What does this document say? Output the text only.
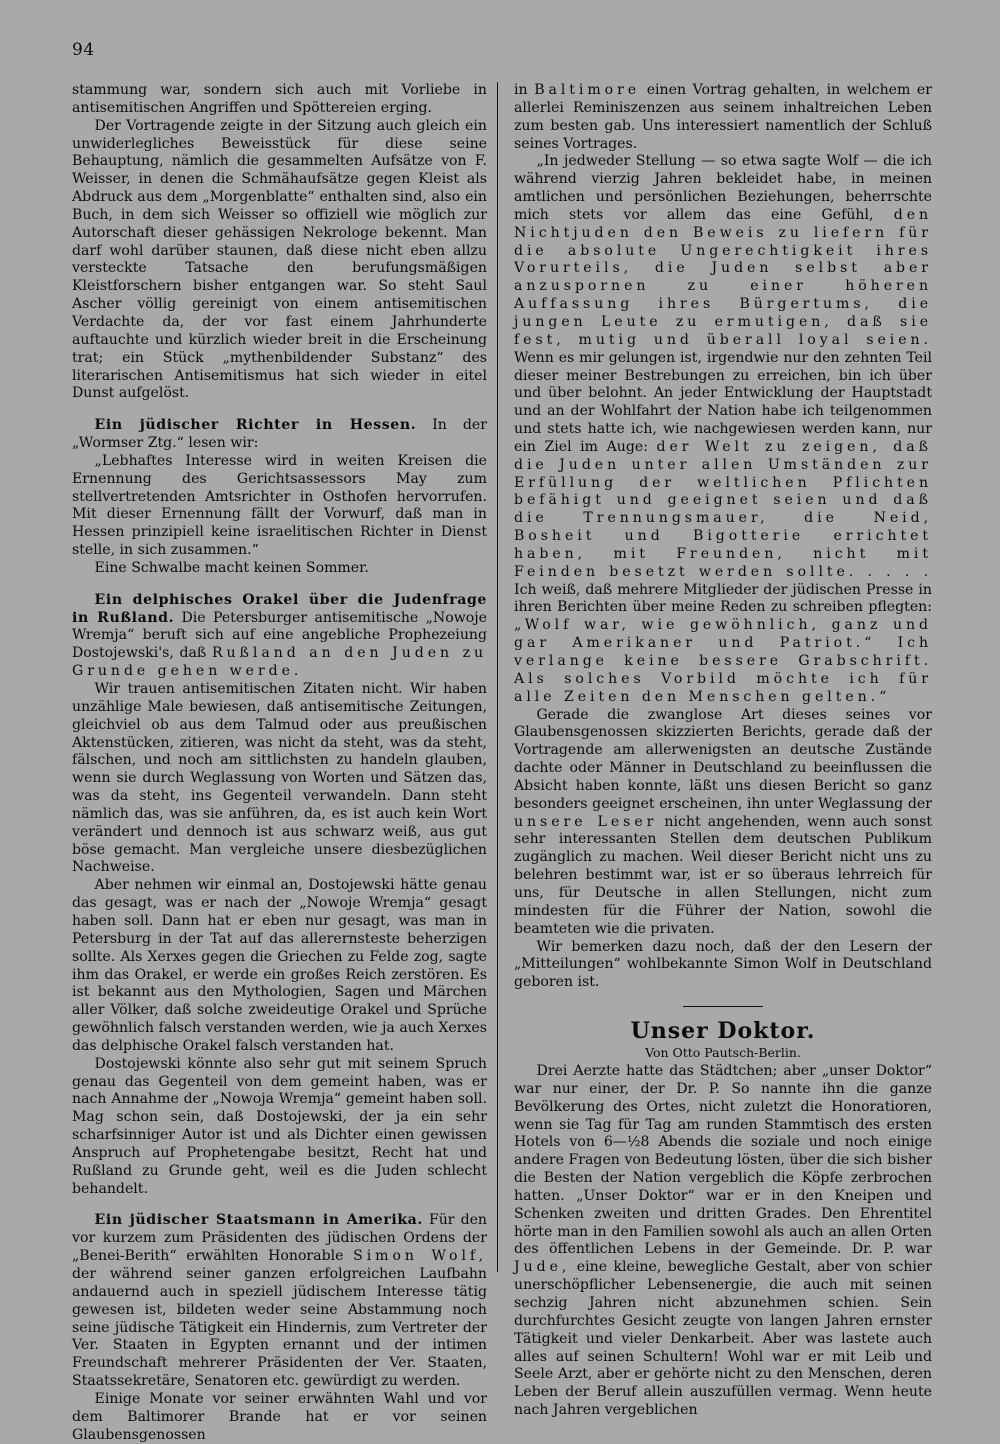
94

stammung war, sondern sich auch mit Vorliebe in antisemitischen Angriffen und Spöttereien erging.

Der Vortragende zeigte in der Sitzung auch gleich ein unwiderlegliches Beweisstück für diese seine Behauptung, nämlich die gesammelten Aufsätze von F. Weisser, in denen die Schmähaufsätze gegen Kleist als Abdruck aus dem „Morgenblatte“ enthalten sind, also ein Buch, in dem sich Weisser so offiziell wie möglich zur Autorschaft dieser gehässigen Nekrologe bekennt. Man darf wohl darüber staunen, daß diese nicht eben allzu versteckte Tatsache den berufungsmäßigen Kleistforschern bisher entgangen war. So steht Saul Ascher völlig gereinigt von einem antisemitischen Verdachte da, der vor fast einem Jahrhunderte auftauchte und kürzlich wieder breit in die Erscheinung trat; ein Stück „mythenbildender Substanz“ des literarischen Antisemitismus hat sich wieder in eitel Dunst aufgelöst.

Ein jüdischer Richter in Hessen. In der „Wormser Ztg.“ lesen wir:

„Lebhaftes Interesse wird in weiten Kreisen die Ernennung des Gerichtsassessors May zum stellvertretenden Amtsrichter in Osthofen hervorrufen. Mit dieser Ernennung fällt der Vorwurf, daß man in Hessen prinzipiell keine israelitischen Richter in Dienst stelle, in sich zusammen.“

Eine Schwalbe macht keinen Sommer.

Ein delphisches Orakel über die Judenfrage in Rußland. Die Petersburger antisemitische „Nowoje Wremja“ beruft sich auf eine angebliche Prophezeiung Dostojewski's, daß Rußland an den Juden zu Grunde gehen werde.

Wir trauen antisemitischen Zitaten nicht. Wir haben unzählige Male bewiesen, daß antisemitische Zeitungen, gleichviel ob aus dem Talmud oder aus preußischen Aktenstücken, zitieren, was nicht da steht, was da steht, fälschen, und noch am sittlichsten zu handeln glauben, wenn sie durch Weglassung von Worten und Sätzen das, was da steht, ins Gegenteil verwandeln. Dann steht nämlich das, was sie anführen, da, es ist auch kein Wort verändert und dennoch ist aus schwarz weiß, aus gut böse gemacht. Man vergleiche unsere diesbezüglichen Nachweise.

Aber nehmen wir einmal an, Dostojewski hätte genau das gesagt, was er nach der „Nowoje Wremja“ gesagt haben soll. Dann hat er eben nur gesagt, was man in Petersburg in der Tat auf das allerernsteste beherzigen sollte. Als Xerxes gegen die Griechen zu Felde zog, sagte ihm das Orakel, er werde ein großes Reich zerstören. Es ist bekannt aus den Mythologien, Sagen und Märchen aller Völker, daß solche zweideutige Orakel und Sprüche gewöhnlich falsch verstanden werden, wie ja auch Xerxes das delphische Orakel falsch verstanden hat.

Dostojewski könnte also sehr gut mit seinem Spruch genau das Gegenteil von dem gemeint haben, was er nach Annahme der „Nowoja Wremja“ gemeint haben soll. Mag schon sein, daß Dostojewski, der ja ein sehr scharfsinniger Autor ist und als Dichter einen gewissen Anspruch auf Prophetengabe besitzt, Recht hat und Rußland zu Grunde geht, weil es die Juden schlecht behandelt.

Ein jüdischer Staatsmann in Amerika. Für den vor kurzem zum Präsidenten des jüdischen Ordens der „Benei-Berith“ erwählten Honorable Simon Wolf, der während seiner ganzen erfolgreichen Laufbahn andauernd auch in speziell jüdischem Interesse tätig gewesen ist, bildeten weder seine Abstammung noch seine jüdische Tätigkeit ein Hindernis, zum Vertreter der Ver. Staaten in Egypten ernannt und der intimen Freundschaft mehrerer Präsidenten der Ver. Staaten, Staatssekretäre, Senatoren etc. gewürdigt zu werden.

Einige Monate vor seiner erwähnten Wahl und vor dem Baltimorer Brande hat er vor seinen Glaubensgenossen

in Baltimore einen Vortrag gehalten, in welchem er allerlei Reminiszenzen aus seinem inhaltreichen Leben zum besten gab. Uns interessiert namentlich der Schluß seines Vortrages.

„In jedweder Stellung — so etwa sagte Wolf — die ich während vierzig Jahren bekleidet habe, in meinen amtlichen und persönlichen Beziehungen, beherrschte mich stets vor allem das eine Gefühl, den Nichtjuden den Beweis zu liefern für die absolute Ungerechtigkeit ihres Vorurteils, die Juden selbst aber anzuspornen zu einer höheren Auffassung ihres Bürgertums, die jungen Leute zu ermutigen, daß sie fest, mutig und überall loyal seien. Wenn es mir gelungen ist, irgendwie nur den zehnten Teil dieser meiner Bestrebungen zu erreichen, bin ich über und über belohnt. An jeder Entwicklung der Hauptstadt und an der Wohlfahrt der Nation habe ich teilgenommen und stets hatte ich, wie nachgewiesen werden kann, nur ein Ziel im Auge: der Welt zu zeigen, daß die Juden unter allen Umständen zur Erfüllung der weltlichen Pflichten befähigt und geeignet seien und daß die Trennungsmauer, die Neid, Bosheit und Bigotterie errichtet haben, mit Freunden, nicht mit Feinden besetzt werden sollte. . . . . Ich weiß, daß mehrere Mitglieder der jüdischen Presse in ihren Berichten über meine Reden zu schreiben pflegten: „Wolf war, wie gewöhnlich, ganz und gar Amerikaner und Patriot.“ Ich verlange keine bessere Grabschrift. Als solches Vorbild möchte ich für alle Zeiten den Menschen gelten.“

Gerade die zwanglose Art dieses seines vor Glaubensgenossen skizzierten Berichts, gerade daß der Vortragende am allerwenigsten an deutsche Zustände dachte oder Männer in Deutschland zu beeinflussen die Absicht haben konnte, läßt uns diesen Bericht so ganz besonders geeignet erscheinen, ihn unter Weglassung der unsere Leser nicht angehenden, wenn auch sonst sehr interessanten Stellen dem deutschen Publikum zugänglich zu machen. Weil dieser Bericht nicht uns zu belehren bestimmt war, ist er so überaus lehrreich für uns, für Deutsche in allen Stellungen, nicht zum mindesten für die Führer der Nation, sowohl die beamteten wie die privaten.

Wir bemerken dazu noch, daß der den Lesern der „Mitteilungen“ wohlbekannte Simon Wolf in Deutschland geboren ist.

Unser Doktor.
Von Otto Pautsch-Berlin.

Drei Aerzte hatte das Städtchen; aber „unser Doktor“ war nur einer, der Dr. P. So nannte ihn die ganze Bevölkerung des Ortes, nicht zuletzt die Honoratioren, wenn sie Tag für Tag am runden Stammtisch des ersten Hotels von 6—½8 Abends die soziale und noch einige andere Fragen von Bedeutung lösten, über die sich bisher die Besten der Nation vergeblich die Köpfe zerbrochen hatten. „Unser Doktor“ war er in den Kneipen und Schenken zweiten und dritten Grades. Den Ehrentitel hörte man in den Familien sowohl als auch an allen Orten des öffentlichen Lebens in der Gemeinde. Dr. P. war Jude, eine kleine, bewegliche Gestalt, aber von schier unerschöpflicher Lebensenergie, die auch mit seinen sechzig Jahren nicht abzunehmen schien. Sein durchfurchtes Gesicht zeugte von langen Jahren ernster Tätigkeit und vieler Denkarbeit. Aber was lastete auch alles auf seinen Schultern! Wohl war er mit Leib und Seele Arzt, aber er gehörte nicht zu den Menschen, deren Leben der Beruf allein auszufüllen vermag. Wenn heute nach Jahren vergeblichen
